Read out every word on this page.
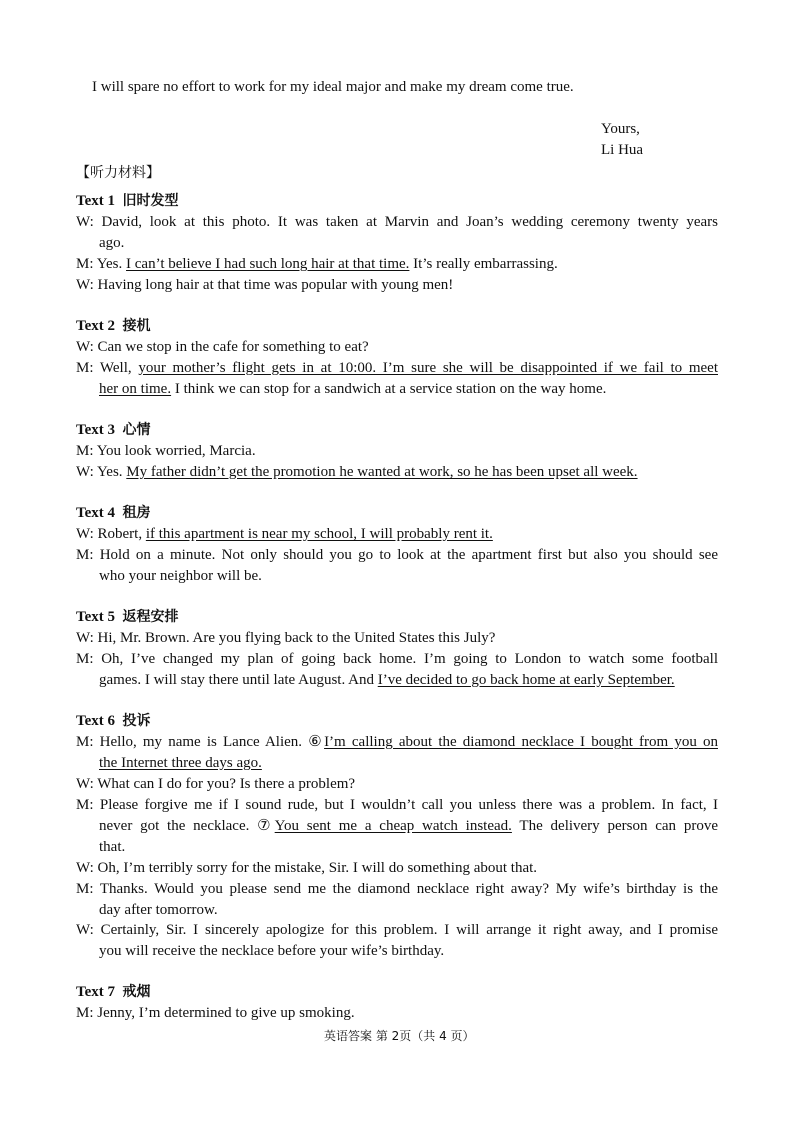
I will spare no effort to work for my ideal major and make my dream come true.
Yours,
Li Hua
【听力材料】
Text 1 旧时发型
W: David, look at this photo. It was taken at Marvin and Joan’s wedding ceremony twenty years
ago.
M: Yes. I can’t believe I had such long hair at that time. It’s really embarrassing.
W: Having long hair at that time was popular with young men!
Text 2 接机
W: Can we stop in the cafe for something to eat?
M: Well, your mother’s flight gets in at 10:00. I’m sure she will be disappointed if we fail to meet
her on time. I think we can stop for a sandwich at a service station on the way home.
Text 3 心情
M: You look worried, Marcia.
W: Yes. My father didn’t get the promotion he wanted at work, so he has been upset all week.
Text 4 租房
W: Robert, if this apartment is near my school, I will probably rent it.
M: Hold on a minute. Not only should you go to look at the apartment first but also you should see
who your neighbor will be.
Text 5 返程安排
W: Hi, Mr. Brown. Are you flying back to the United States this July?
M: Oh, I’ve changed my plan of going back home. I’m going to London to watch some football
games. I will stay there until late August. And I’ve decided to go back home at early September.
Text 6 投诉
M: Hello, my name is Lance Alien. ⑥I’m calling about the diamond necklace I bought from you on
the Internet three days ago.
W: What can I do for you? Is there a problem?
M: Please forgive me if I sound rude, but I wouldn’t call you unless there was a problem. In fact, I
never got the necklace. ⑦You sent me a cheap watch instead. The delivery person can prove
that.
W: Oh, I’m terribly sorry for the mistake, Sir. I will do something about that.
M: Thanks. Would you please send me the diamond necklace right away? My wife’s birthday is the
day after tomorrow.
W: Certainly, Sir. I sincerely apologize for this problem. I will arrange it right away, and I promise
you will receive the necklace before your wife’s birthday.
Text 7 戒烟
M: Jenny, I’m determined to give up smoking.
英语答案 第 2页（共 4 页）
